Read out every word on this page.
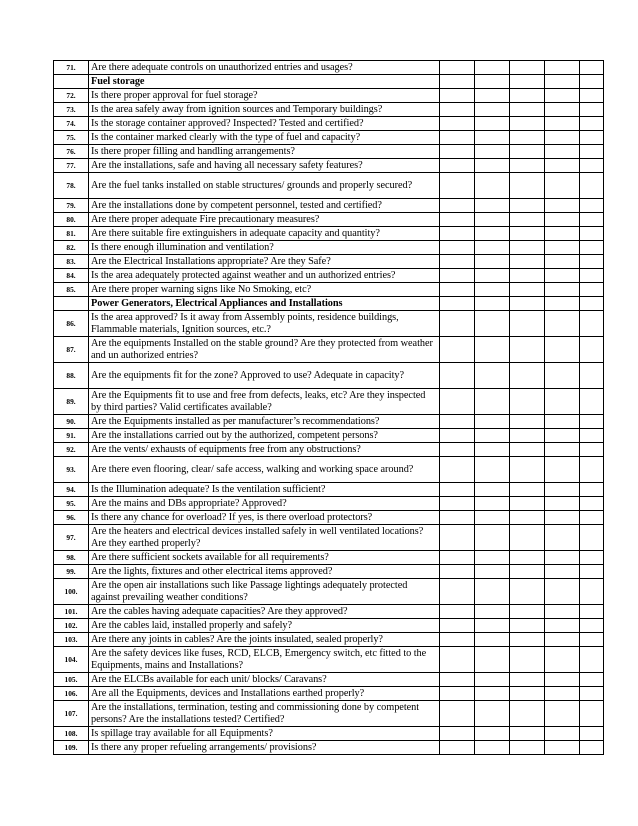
71.	Are there adequate controls on unauthorized entries and usages?					
	Fuel storage					
72.	Is there proper approval for fuel storage?					
73.	Is the area safely away from ignition sources and Temporary buildings?					
74.	Is the storage container approved? Inspected? Tested and certified?					
75.	Is the container marked clearly with the type of fuel and capacity?					
76.	Is there proper filling and handling arrangements?					
77.	Are the installations, safe and having all necessary safety features?					
78.	Are the fuel tanks installed on stable structures/ grounds and properly secured?					
79.	Are the installations done by competent personnel, tested and certified?					
80.	Are there proper adequate Fire precautionary measures?					
81.	Are there suitable fire extinguishers in adequate capacity and quantity?					
82.	Is there enough illumination and ventilation?					
83.	Are the Electrical Installations appropriate? Are they Safe?					
84.	Is the area adequately protected against weather and un authorized entries?					
85.	Are there proper warning signs like No Smoking, etc?					
	Power Generators, Electrical Appliances and Installations					
86.	Is the area approved? Is it away from Assembly points, residence buildings, Flammable materials, Ignition sources, etc.?					
87.	Are the equipments Installed on the stable ground? Are they protected from weather and un authorized entries?					
88.	Are the equipments fit for the zone? Approved to use? Adequate in capacity?					
89.	Are the Equipments fit to use and free from defects, leaks, etc? Are they inspected by third parties? Valid certificates available?					
90.	Are the Equipments installed as per manufacturer’s recommendations?					
91.	Are the installations carried out by the authorized, competent persons?					
92.	Are the vents/ exhausts of equipments free from any obstructions?					
93.	Are there even flooring, clear/ safe access, walking and working space around?					
94.	Is the Illumination adequate? Is the ventilation sufficient?					
95.	Are the mains and DBs appropriate? Approved?					
96.	Is there any chance for overload? If yes, is there overload protectors?					
97.	Are the heaters and electrical devices installed safely in well ventilated locations? Are they earthed properly?					
98.	Are there sufficient sockets available for all requirements?					
99.	Are the lights, fixtures and other electrical items approved?					
100.	Are the open air installations such like Passage lightings adequately protected against prevailing weather conditions?					
101.	Are the cables having adequate capacities? Are they approved?					
102.	Are the cables laid, installed properly and safely?					
103.	Are there any joints in cables? Are the joints insulated, sealed properly?					
104.	Are the safety devices like fuses, RCD, ELCB, Emergency switch, etc fitted to the Equipments, mains and Installations?					
105.	Are the ELCBs available for each unit/ blocks/ Caravans?					
106.	Are all the Equipments, devices and Installations earthed properly?					
107.	Are the installations, termination, testing and commissioning done by competent persons? Are the installations tested? Certified?					
108.	Is spillage tray available for all Equipments?					
109.	Is there any proper refueling arrangements/ provisions?					
